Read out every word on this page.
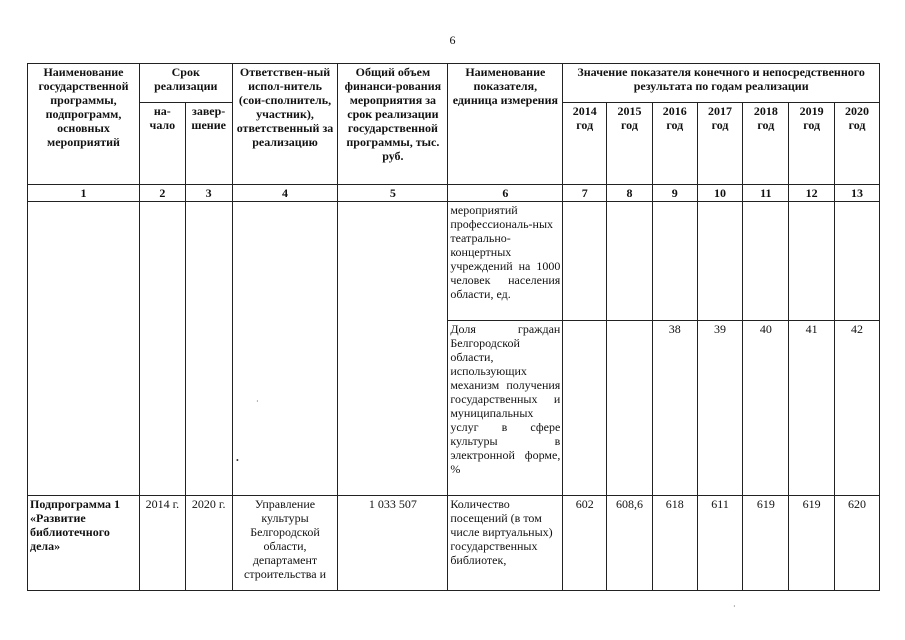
6
Наименование государственной программы, подпрограмм, основных мероприятий	Срок реализации		Ответствен-ный испол-нитель (сои-сполнитель, участник), ответственный за реализацию	Общий объем финанси-рования мероприятия за срок реализации государственной программы, тыс. руб.	Наименование показателя, единица измерения	Значение показателя конечного и непосредственного результата по годам реализации						
	на-чало	завер-шение				2014 год	2015 год	2016 год	2017 год	2018 год	2019 год	2020 год
1	2	3	4	5	6	7	8	9	10	11	12	13
					мероприятий профессиональ-ных театрально-концертных учреждений на 1000 человек населения области, ед.							
					Доля граждан Белгородской области, использующих механизм получения государственных и муниципальных услуг в сфере культуры в электронной форме, %			38	39	40	41	42
Подпрограмма 1 «Развитие библиотечного дела»	2014 г.	2020 г.	Управление культуры Белгородской области, департамент строительства и	1 033 507	Количество посещений (в том числе виртуальных) государственных библиотек,	602	608,6	618	611	619	619	620
·
•
·
